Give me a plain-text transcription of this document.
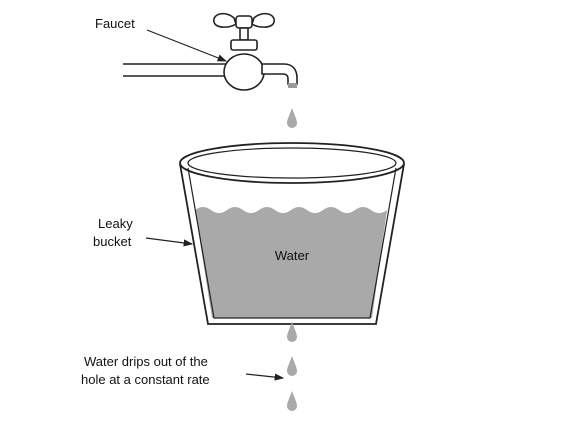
Water
Faucet
Leaky
bucket
Water drips out of the
hole at a constant rate
